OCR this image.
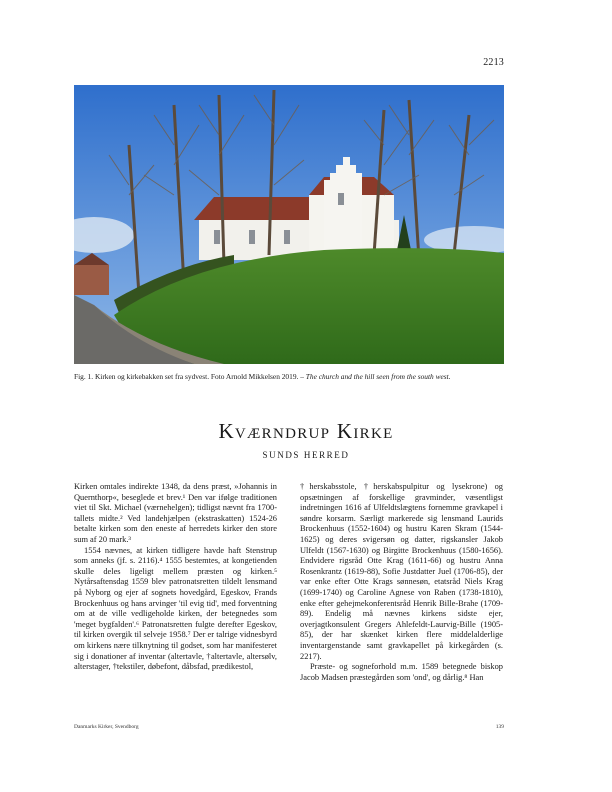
2213
Fig. 1. Kirken og kirkebakken set fra sydvest. Foto Arnold Mikkelsen 2019. – The church and the hill seen from the south west.
Kværndrup Kirke
SUNDS HERRED

Kirken omtales indirekte 1348, da dens præst, »Johannis in Quernthorp«, beseglede et brev.¹ Den var ifølge traditionen viet til Skt. Michael (værnehelgen); tidligst nævnt fra 1700-tallets midte.² Ved landehjælpen (ekstraskatten) 1524-26 betalte kirken som den eneste af herredets kirker den store sum af 20 mark.³

1554 nævnes, at kirken tidligere havde haft Stenstrup som anneks (jf. s. 2116).⁴ 1555 bestemtes, at kongetienden skulle deles ligeligt mellem præsten og kirken.⁵ Nytårsaftensdag 1559 blev patronatsretten tildelt lensmand på Nyborg og ejer af sognets hovedgård, Egeskov, Frands Brockenhuus og hans arvinger 'til evig tid', med forventning om at de ville vedligeholde kirken, der betegnedes som 'meget bygfalden'.⁶ Patronatsretten fulgte derefter Egeskov, til kirken overgik til selveje 1958.⁷ Der er talrige vidnesbyrd om kirkens nære tilknytning til godset, som har manifesteret sig i donationer af inventar (altertavle, †altertavle, altersølv, alterstager, †tekstiler, døbefont, dåbsfad, prædikestol,

†herskabsstole, †herskabspulpitur og lysekrone) og opsætningen af forskellige gravminder, væsentligst indretningen 1616 af Ulfeldtslægtens fornemme gravkapel i søndre korsarm. Særligt markerede sig lensmand Laurids Brockenhuus (1552-1604) og hustru Karen Skram (1544-1625) og deres svigersøn og datter, rigskansler Jakob Ulfeldt (1567-1630) og Birgitte Brockenhuus (1580-1656). Endvidere rigsråd Otte Krag (1611-66) og hustru Anna Rosenkrantz (1619-88), Sofie Justdatter Juel (1706-85), der var enke efter Otte Krags sønnesøn, etatsråd Niels Krag (1699-1740) og Caroline Agnese von Raben (1738-1810), enke efter gehejmekonferentsråd Henrik Bille-Brahe (1709-89). Endelig må nævnes kirkens sidste ejer, overjagtkonsulent Gregers Ahlefeldt-Laurvig-Bille (1905-85), der har skænket kirken flere middelalderlige inventargenstande samt gravkapellet på kirkegården (s. 2217).

Præste- og sogneforhold m.m. 1589 betegnede biskop Jacob Madsen præstegården som 'ond', og dårlig.⁸ Han

Danmarks Kirker, Svendborg	139
